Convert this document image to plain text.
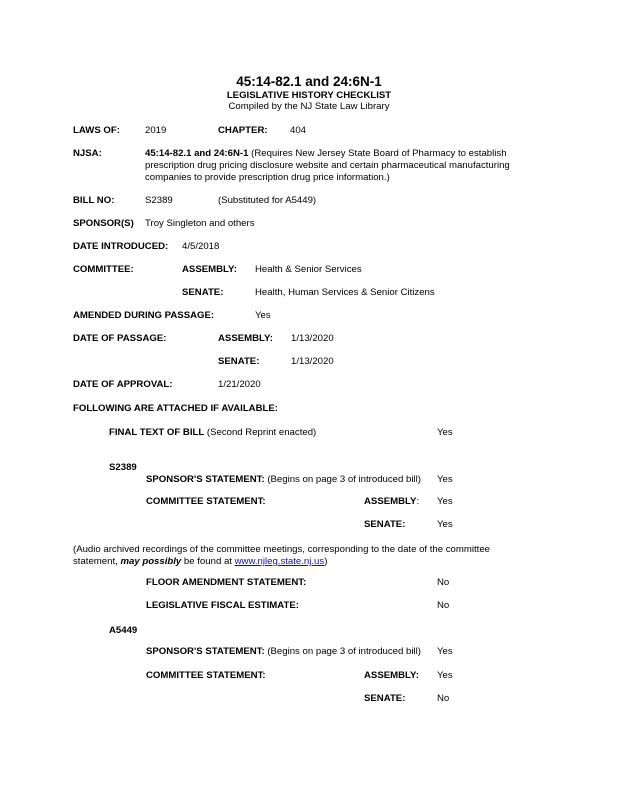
45:14-82.1 and 24:6N-1
LEGISLATIVE HISTORY CHECKLIST
Compiled by the NJ State Law Library
LAWS OF:	2019	CHAPTER: 404
NJSA:	45:14-82.1 and 24:6N-1 (Requires New Jersey State Board of Pharmacy to establish
prescription drug pricing disclosure website and certain pharmaceutical manufacturing
companies to provide prescription drug price information.)
BILL NO:	S2389	(Substituted for A5449)
SPONSOR(S) Troy Singleton and others
DATE INTRODUCED: 4/5/2018
COMMITTEE:	ASSEMBLY: Health & Senior Services
SENATE:	Health, Human Services & Senior Citizens
AMENDED DURING PASSAGE:	Yes
DATE OF PASSAGE:	ASSEMBLY: 1/13/2020
SENATE:	1/13/2020
DATE OF APPROVAL:	1/21/2020
FOLLOWING ARE ATTACHED IF AVAILABLE:
FINAL TEXT OF BILL (Second Reprint enacted)	Yes
S2389
SPONSOR'S STATEMENT: (Begins on page 3 of introduced bill) Yes
COMMITTEE STATEMENT:	ASSEMBLY: Yes
SENATE:	Yes
(Audio archived recordings of the committee meetings, corresponding to the date of the committee
statement, may possibly be found at www.njleg.state.nj.us)
FLOOR AMENDMENT STATEMENT:	No
LEGISLATIVE FISCAL ESTIMATE:	No
A5449
SPONSOR'S STATEMENT: (Begins on page 3 of introduced bill) Yes
COMMITTEE STATEMENT:	ASSEMBLY: Yes
SENATE:	No
